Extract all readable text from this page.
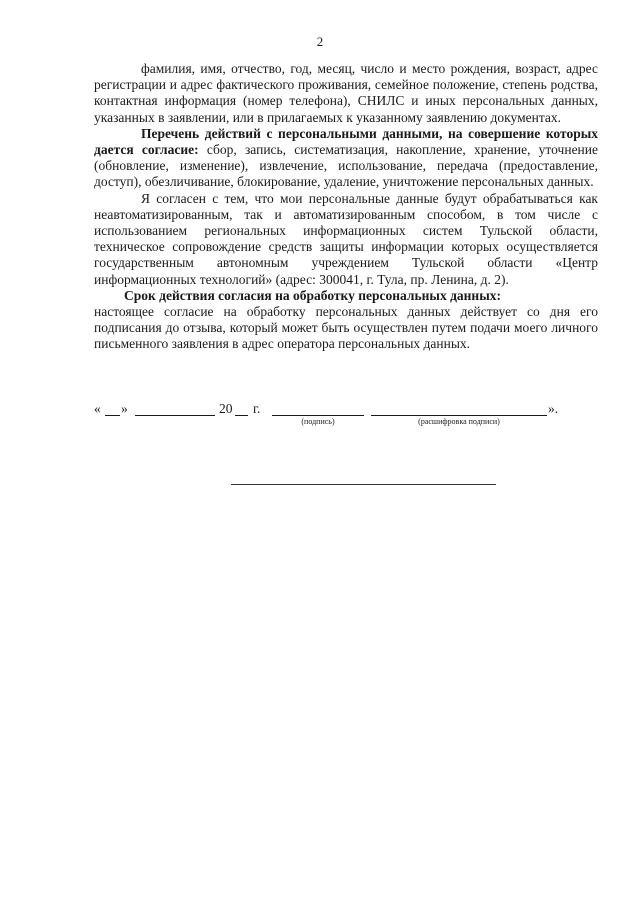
2

фамилия, имя, отчество, год, месяц, число и место рождения, возраст, адрес регистрации и адрес фактического проживания, семейное положение, степень родства, контактная информация (номер телефона), СНИЛС и иных персональных данных, указанных в заявлении, или в прилагаемых к указанному заявлению документах.

Перечень действий с персональными данными, на совершение которых дается согласие: сбор, запись, систематизация, накопление, хранение, уточнение (обновление, изменение), извлечение, использование, передача (предоставление, доступ), обезличивание, блокирование, удаление, уничтожение персональных данных.

Я согласен с тем, что мои персональные данные будут обрабатываться как неавтоматизированным, так и автоматизированным способом, в том числе с использованием региональных информационных систем Тульской области, техническое сопровождение средств защиты информации которых осуществляется государственным автономным учреждением Тульской области «Центр информационных технологий» (адрес: 300041, г. Тула, пр. Ленина, д. 2).

Срок действия согласия на обработку персональных данных:

настоящее согласие на обработку персональных данных действует со дня его подписания до отзыва, который может быть осуществлен путем подачи моего личного письменного заявления в адрес оператора персональных данных.

« »	20 г.
(подпись)	(расшифровка подписи)
».
